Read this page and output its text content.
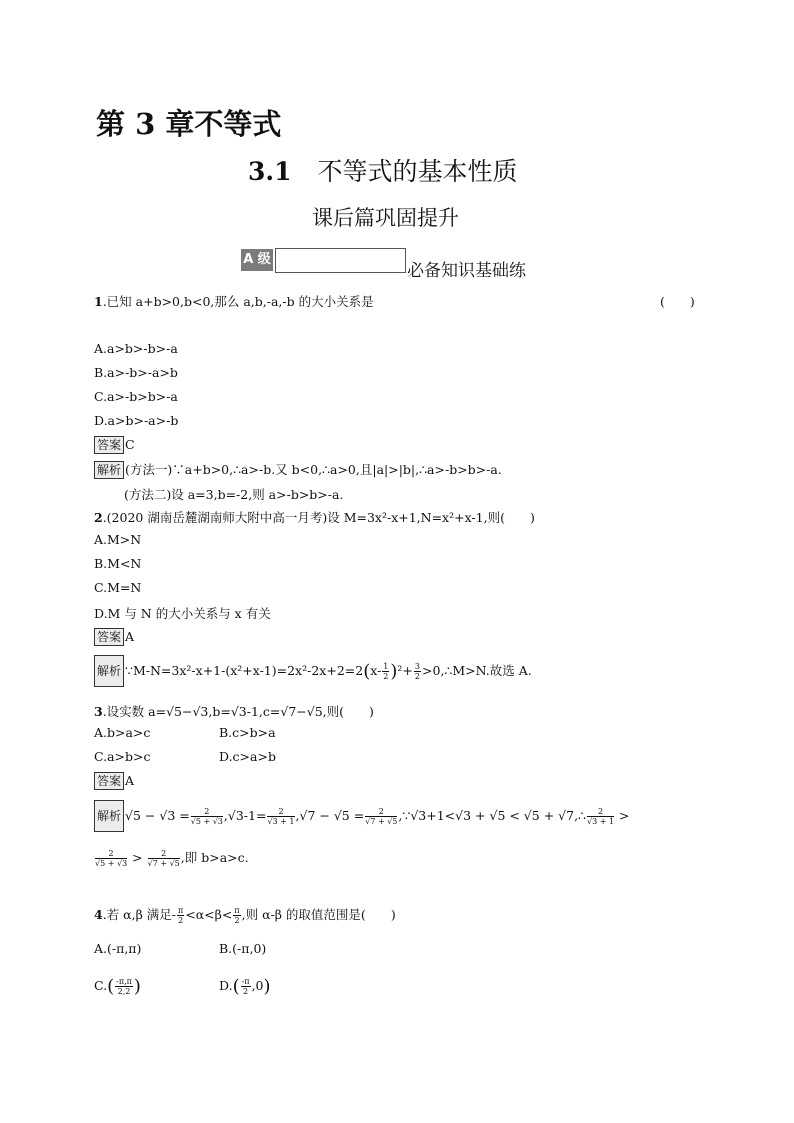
第 3 章不等式
3.1 不等式的基本性质
课后篇巩固提升
A 级
必备知识基础练
1.已知 a+b>0,b<0,那么 a,b,-a,-b 的大小关系是	(　　)
A.a>b>-b>-a
B.a>-b>-a>b
C.a>-b>b>-a
D.a>b>-a>-b
答案 C
解析 (方法一)∵a+b>0,∴a>-b.又 b<0,∴a>0,且|a|>|b|,∴a>-b>b>-a.
(方法二)设 a=3,b=-2,则 a>-b>b>-a.
2.(2020 湖南岳麓湖南师大附中高一月考)设 M=3x²-x+1,N=x²+x-1,则(　　)
A.M>N
B.M<N
C.M=N
D.M 与 N 的大小关系与 x 有关
答案 A
解析 ∵M-N=3x²-x+1-(x²+x-1)=2x²-2x+2=2(x- $\frac{1}{2} )^2+ \frac{3}{2}$ >0,∴M>N.故选 A.
3.设实数 a=√5−√3,b=√3-1,c=√7−√5,则(　　)
A.b>a>c	B.c>b>a
C.a>b>c	D.c>a>b
答案 A
解析 $√5 - √3 = \frac{2}{√5 + √3} ,√3-1= \frac{2}{√3 + 1} ,√7 - √5 = \frac{2}{√7 + √5}$ ,∵√3+1<√3 + √5 < √5 + √7,∴ $\frac{2}{√3 + 1}$ >
$\frac{2}{√5 + √3} > \frac{2}{√7 + √5}$ ,即 b>a>c.
4.若 α,β 满足- $\frac{\pi}{2} <\alpha<\beta< \frac{\pi}{2}$ ,则 α-β 的取值范围是(　　)
A.(-π,π)	B.(-π,0)
$C.( \frac{-\pi,\pi}{2,2}$ )	$D.( \frac{-\pi}{2} ,0)$
